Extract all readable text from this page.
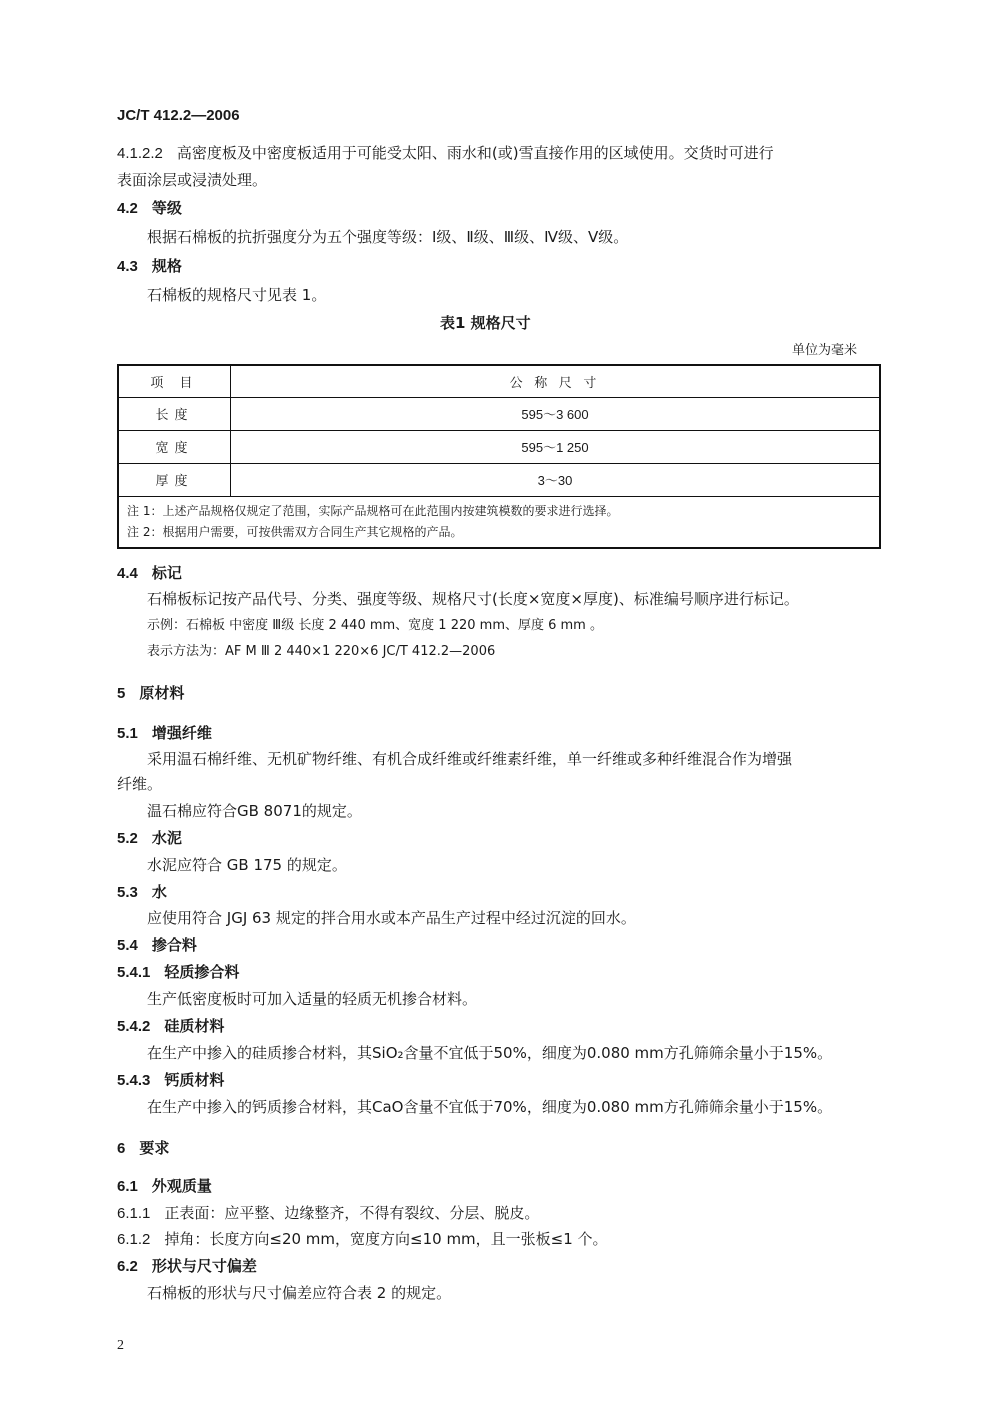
JC/T 412.2—2006
4.1.2.2 高密度板及中密度板适用于可能受太阳、雨水和(或)雪直接作用的区域使用。交货时可进行
表面涂层或浸渍处理。
4.2 等级
根据石棉板的抗折强度分为五个强度等级：Ⅰ级、Ⅱ级、Ⅲ级、Ⅳ级、Ⅴ级。
4.3 规格
石棉板的规格尺寸见表 1。
表1 规格尺寸
单位为毫米
项 目	公 称 尺 寸
长度	595～3 600
宽度	595～1 250
厚度	3～30

注 1：上述产品规格仅规定了范围，实际产品规格可在此范围内按建筑模数的要求进行选择。
注 2：根据用户需要，可按供需双方合同生产其它规格的产品。	
4.4 标记
石棉板标记按产品代号、分类、强度等级、规格尺寸(长度×宽度×厚度)、标准编号顺序进行标记。
示例：石棉板 中密度 Ⅲ级 长度 2 440 mm、宽度 1 220 mm、厚度 6 mm 。
表示方法为：AF M Ⅲ 2 440×1 220×6 JC/T 412.2—2006
5 原材料
5.1 增强纤维
采用温石棉纤维、无机矿物纤维、有机合成纤维或纤维素纤维，单一纤维或多种纤维混合作为增强
纤维。
温石棉应符合GB 8071的规定。
5.2 水泥
水泥应符合 GB 175 的规定。
5.3 水
应使用符合 JGJ 63 规定的拌合用水或本产品生产过程中经过沉淀的回水。
5.4 掺合料
5.4.1 轻质掺合料
生产低密度板时可加入适量的轻质无机掺合材料。
5.4.2 硅质材料
在生产中掺入的硅质掺合材料，其SiO₂含量不宜低于50%，细度为0.080 mm方孔筛筛余量小于15%。
5.4.3 钙质材料
在生产中掺入的钙质掺合材料，其CaO含量不宜低于70%，细度为0.080 mm方孔筛筛余量小于15%。
6 要求
6.1 外观质量
6.1.1 正表面：应平整、边缘整齐，不得有裂纹、分层、脱皮。
6.1.2 掉角：长度方向≤20 mm，宽度方向≤10 mm，且一张板≤1 个。
6.2 形状与尺寸偏差
石棉板的形状与尺寸偏差应符合表 2 的规定。
2
